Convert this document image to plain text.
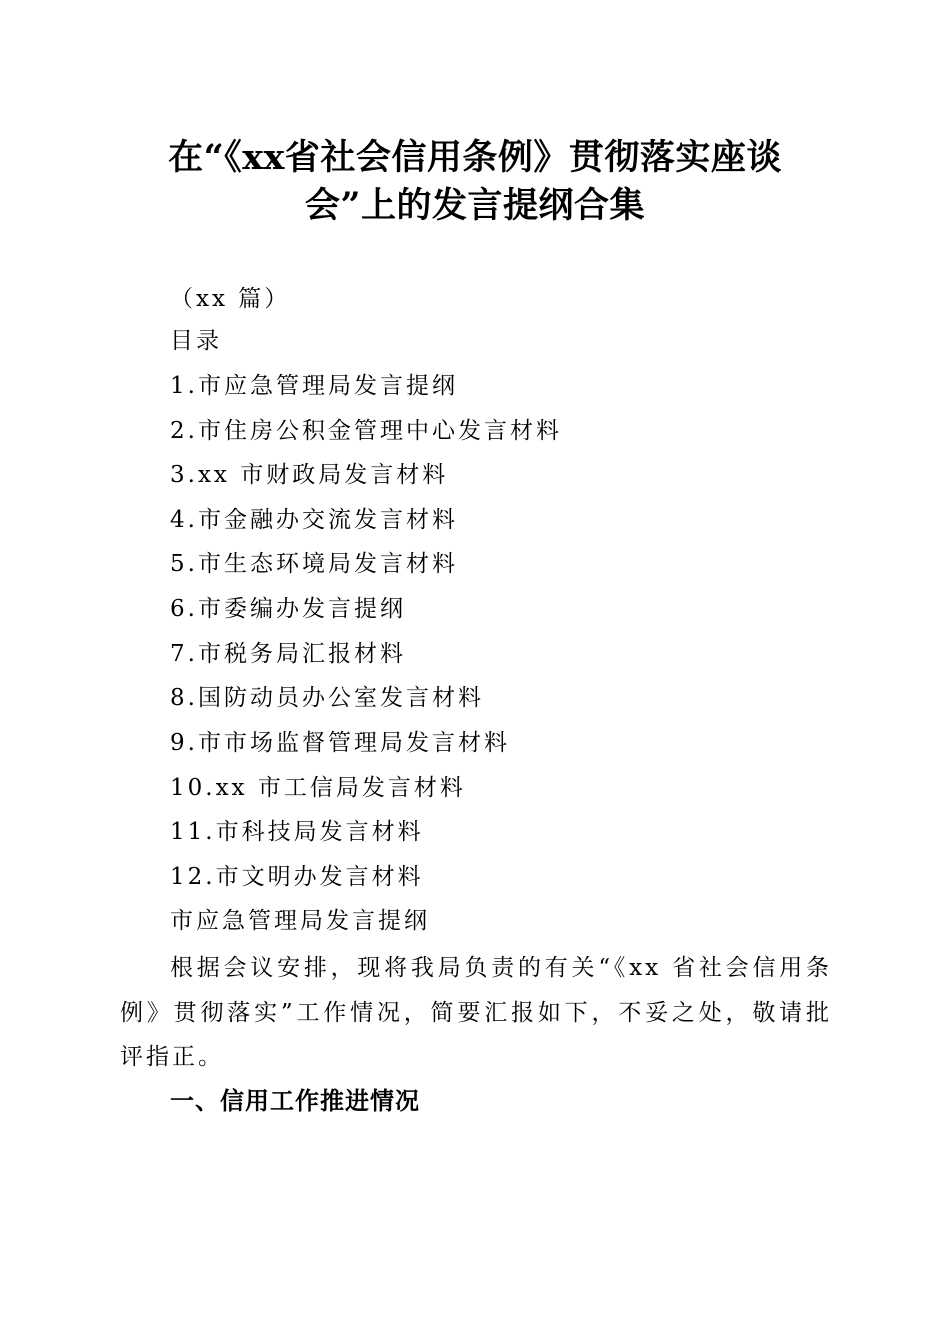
在“《xx省社会信用条例》贯彻落实座谈
会”上的发言提纲合集
（xx 篇）
目录
1.市应急管理局发言提纲
2.市住房公积金管理中心发言材料
3.xx 市财政局发言材料
4.市金融办交流发言材料
5.市生态环境局发言材料
6.市委编办发言提纲
7.市税务局汇报材料
8.国防动员办公室发言材料
9.市市场监督管理局发言材料
10.xx 市工信局发言材料
11.市科技局发言材料
12.市文明办发言材料
市应急管理局发言提纲
根据会议安排，现将我局负责的有关“《xx 省社会信用条例》贯彻落实”工作情况，简要汇报如下，不妥之处，敬请批评指正。
一、信用工作推进情况
